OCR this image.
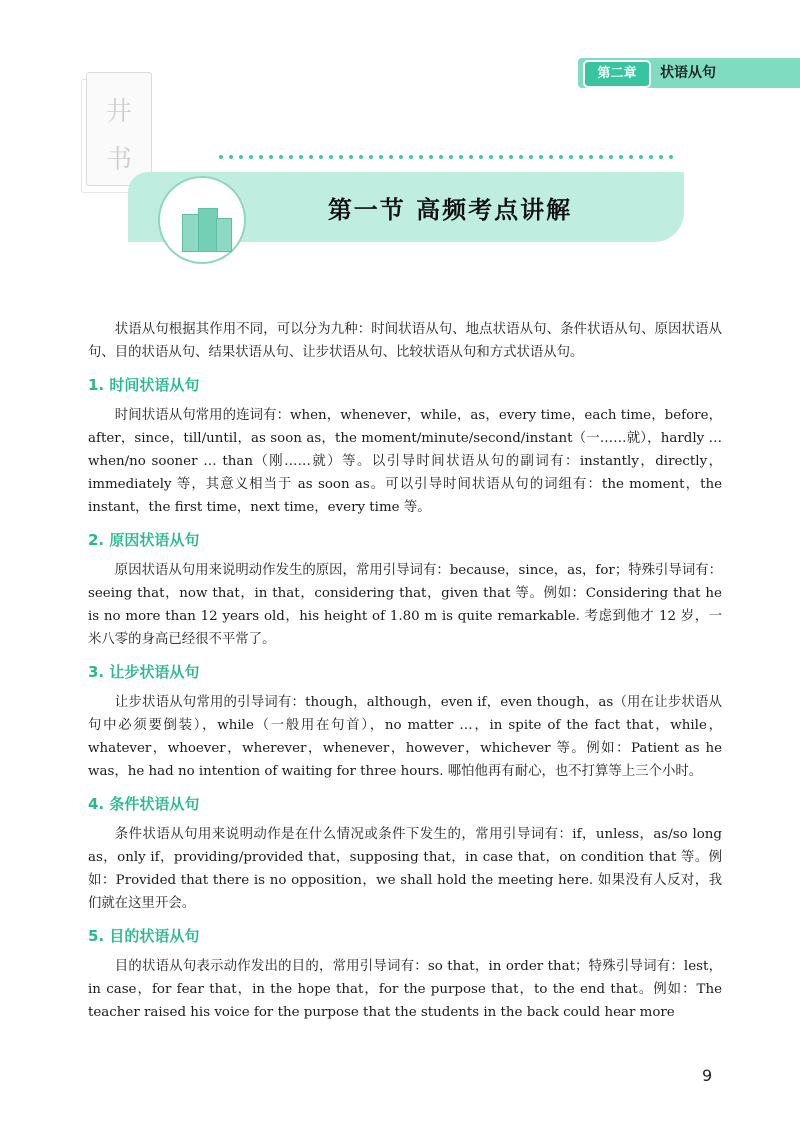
第二章	状语从句
井
书
第一节 高频考点讲解

状语从句根据其作用不同，可以分为九种：时间状语从句、地点状语从句、条件状语从句、原因状语从句、目的状语从句、结果状语从句、让步状语从句、比较状语从句和方式状语从句。

1. 时间状语从句

时间状语从句常用的连词有：when，whenever，while，as，every time，each time，before，after，since，till/until，as soon as，the moment/minute/second/instant（一……就），hardly … when/no sooner … than（刚……就）等。以引导时间状语从句的副词有：instantly，directly，immediately 等，其意义相当于 as soon as。可以引导时间状语从句的词组有：the moment，the instant，the first time，next time，every time 等。

2. 原因状语从句

原因状语从句用来说明动作发生的原因，常用引导词有：because，since，as，for；特殊引导词有：seeing that，now that，in that，considering that，given that 等。例如：Considering that he is no more than 12 years old，his height of 1.80 m is quite remarkable. 考虑到他才 12 岁，一米八零的身高已经很不平常了。

3. 让步状语从句

让步状语从句常用的引导词有：though，although，even if，even though，as（用在让步状语从句中必须要倒装），while（一般用在句首），no matter …，in spite of the fact that，while，whatever，whoever，wherever，whenever，however，whichever 等。例如：Patient as he was，he had no intention of waiting for three hours. 哪怕他再有耐心，也不打算等上三个小时。

4. 条件状语从句

条件状语从句用来说明动作是在什么情况或条件下发生的，常用引导词有：if，unless，as/so long as，only if，providing/provided that，supposing that，in case that，on condition that 等。例如：Provided that there is no opposition，we shall hold the meeting here. 如果没有人反对，我们就在这里开会。

5. 目的状语从句

目的状语从句表示动作发出的目的，常用引导词有：so that，in order that；特殊引导词有：lest，in case，for fear that，in the hope that，for the purpose that，to the end that。例如：The teacher raised his voice for the purpose that the students in the back could hear more

9
